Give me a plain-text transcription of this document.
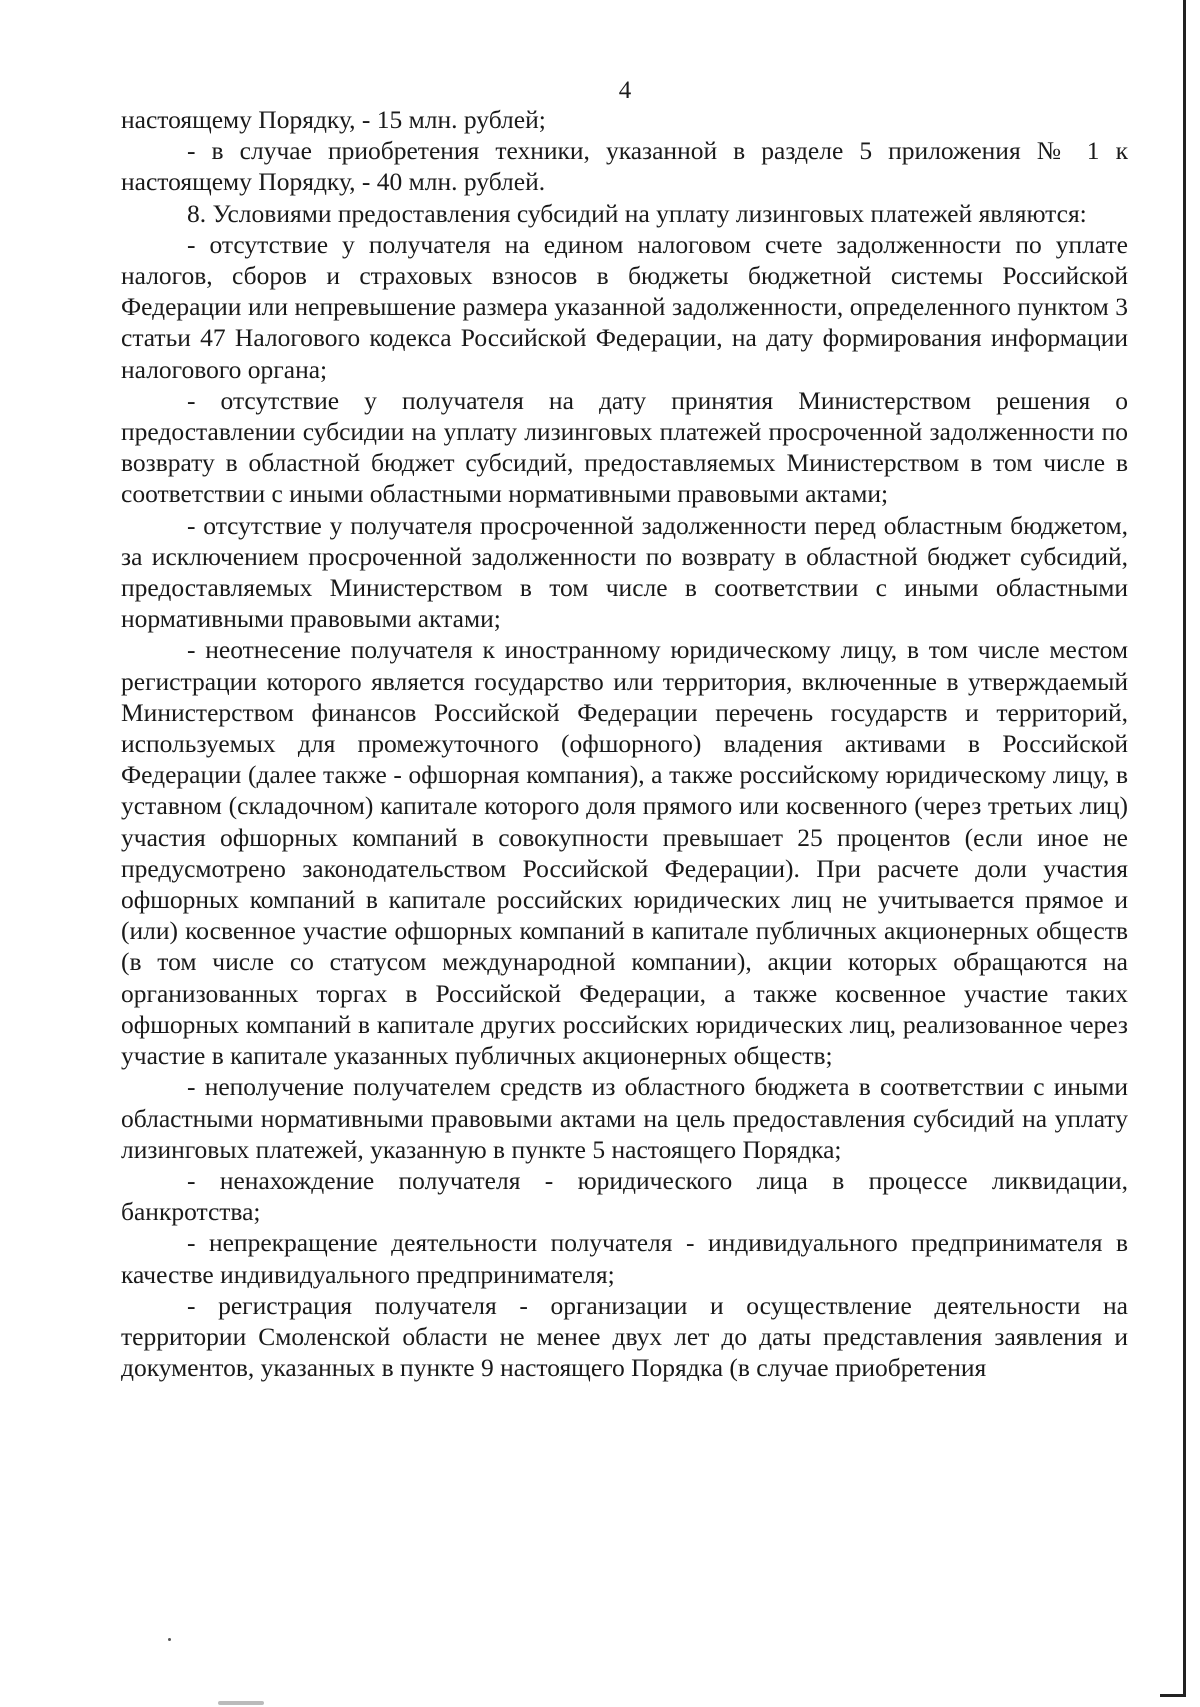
4

настоящему Порядку, - 15 млн. рублей;

- в случае приобретения техники, указанной в разделе 5 приложения № 1 к настоящему Порядку, - 40 млн. рублей.

8. Условиями предоставления субсидий на уплату лизинговых платежей являются:

- отсутствие у получателя на едином налоговом счете задолженности по уплате налогов, сборов и страховых взносов в бюджеты бюджетной системы Российской Федерации или непревышение размера указанной задолженности, определенного пунктом 3 статьи 47 Налогового кодекса Российской Федерации, на дату формирования информации налогового органа;

- отсутствие у получателя на дату принятия Министерством решения о предоставлении субсидии на уплату лизинговых платежей просроченной задолженности по возврату в областной бюджет субсидий, предоставляемых Министерством в том числе в соответствии с иными областными нормативными правовыми актами;

- отсутствие у получателя просроченной задолженности перед областным бюджетом, за исключением просроченной задолженности по возврату в областной бюджет субсидий, предоставляемых Министерством в том числе в соответствии с иными областными нормативными правовыми актами;

- неотнесение получателя к иностранному юридическому лицу, в том числе местом регистрации которого является государство или территория, включенные в утверждаемый Министерством финансов Российской Федерации перечень государств и территорий, используемых для промежуточного (офшорного) владения активами в Российской Федерации (далее также - офшорная компания), а также российскому юридическому лицу, в уставном (складочном) капитале которого доля прямого или косвенного (через третьих лиц) участия офшорных компаний в совокупности превышает 25 процентов (если иное не предусмотрено законодательством Российской Федерации). При расчете доли участия офшорных компаний в капитале российских юридических лиц не учитывается прямое и (или) косвенное участие офшорных компаний в капитале публичных акционерных обществ (в том числе со статусом международной компании), акции которых обращаются на организованных торгах в Российской Федерации, а также косвенное участие таких офшорных компаний в капитале других российских юридических лиц, реализованное через участие в капитале указанных публичных акционерных обществ;

- неполучение получателем средств из областного бюджета в соответствии с иными областными нормативными правовыми актами на цель предоставления субсидий на уплату лизинговых платежей, указанную в пункте 5 настоящего Порядка;

- ненахождение получателя - юридического лица в процессе ликвидации, банкротства;

- непрекращение деятельности получателя - индивидуального предпринимателя в качестве индивидуального предпринимателя;

- регистрация получателя - организации и осуществление деятельности на территории Смоленской области не менее двух лет до даты представления заявления и документов, указанных в пункте 9 настоящего Порядка (в случае приобретения
